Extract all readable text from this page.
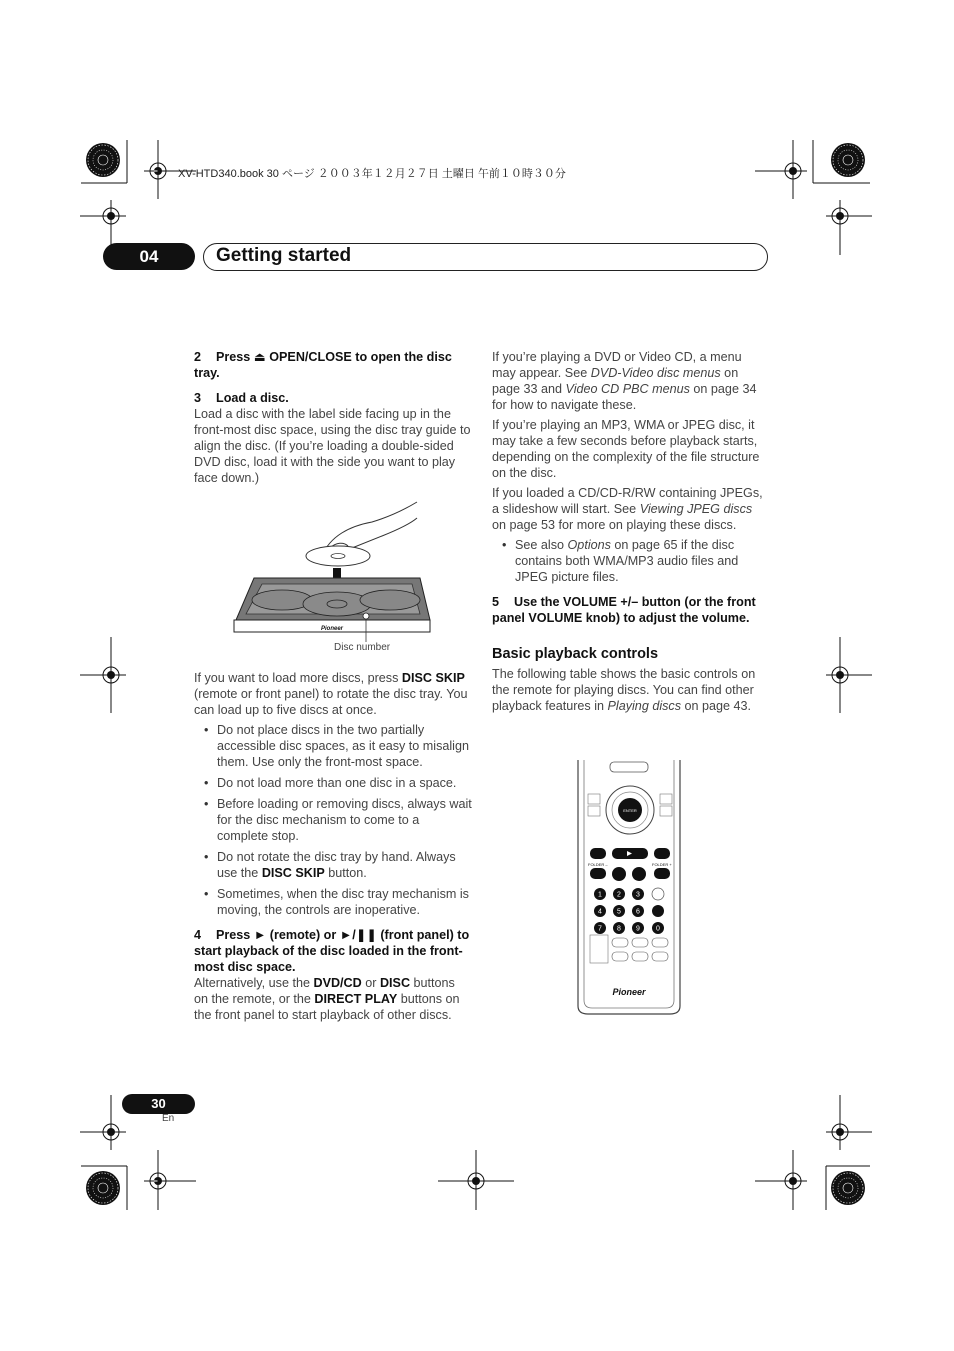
XV-HTD340.book 30 ページ ２００３年１２月２７日 土曜日 午前１０時３０分
04	Getting started

2 Press ⏏ OPEN/CLOSE to open the disc tray.

3 Load a disc.

Load a disc with the label side facing up in the front-most disc space, using the disc tray guide to align the disc. (If you’re loading a double-sided DVD disc, load it with the side you want to play face down.)

Pioneer
Disc number

If you want to load more discs, press DISC SKIP (remote or front panel) to rotate the disc tray. You can load up to five discs at once.

• Do not place discs in the two partially accessible disc spaces, as it easy to misalign them. Use only the front-most space.
• Do not load more than one disc in a space.
• Before loading or removing discs, always wait for the disc mechanism to come to a complete stop.
• Do not rotate the disc tray by hand. Always use the DISC SKIP button.
• Sometimes, when the disc tray mechanism is moving, the controls are inoperative.

4 Press ► (remote) or ►/❚❚ (front panel) to start playback of the disc loaded in the front-most disc space.

Alternatively, use the DVD/CD or DISC buttons on the remote, or the DIRECT PLAY buttons on the front panel to start playback of other discs.

If you’re playing a DVD or Video CD, a menu may appear. See DVD-Video disc menus on page 33 and Video CD PBC menus on page 34 for how to navigate these.

If you’re playing an MP3, WMA or JPEG disc, it may take a few seconds before playback starts, depending on the complexity of the file structure on the disc.

If you loaded a CD/CD-R/RW containing JPEGs, a slideshow will start. See Viewing JPEG discs on page 53 for more on playing these discs.

• See also Options on page 65 if the disc contains both WMA/MP3 audio files and JPEG picture files.

5 Use the VOLUME +/– button (or the front panel VOLUME knob) to adjust the volume.

Basic playback controls

The following table shows the basic controls on the remote for playing discs. You can find other playback features in Playing discs on page 43.

ENTER
FOLDER –	FOLDER +
1 2 3
4 5 6
7 8 9 0
Pioneer
30
En
